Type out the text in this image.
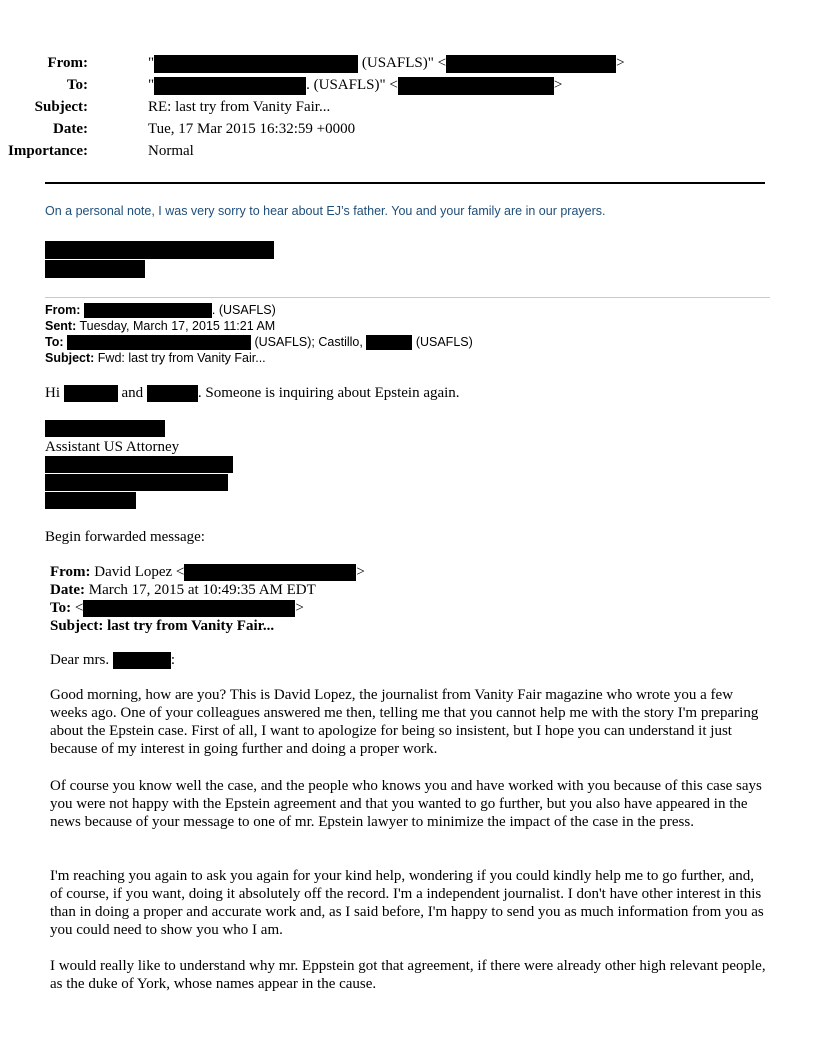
From:	"	(USAFLS)" <	>
To:	"	. (USAFLS)" <	>
Subject:	RE: last try from Vanity Fair...
Date:	Tue, 17 Mar 2015 16:32:59 +0000
Importance:	Normal
On a personal note, I was very sorry to hear about EJ’s father. You and your family are in our prayers.
From:	. (USAFLS)
Sent: Tuesday, March 17, 2015 11:21 AM
To:	(USAFLS); Castillo,	(USAFLS)
Subject: Fwd: last try from Vanity Fair...
Hi	and	. Someone is inquiring about Epstein again.
Assistant US Attorney
Begin forwarded message:
From: David Lopez <	>
Date: March 17, 2015 at 10:49:35 AM EDT
To: <	>
Subject: last try from Vanity Fair...
Dear mrs.	:
Good morning, how are you? This is David Lopez, the journalist from Vanity Fair magazine who wrote you a few weeks ago. One of your colleagues answered me then, telling me that you cannot help me with the story I'm preparing about the Epstein case. First of all, I want to apologize for being so insistent, but I hope you can understand it just because of my interest in going further and doing a proper work.
Of course you know well the case, and the people who knows you and have worked with you because of this case says you were not happy with the Epstein agreement and that you wanted to go further, but you also have appeared in the news because of your message to one of mr. Epstein lawyer to minimize the impact of the case in the press.
I'm reaching you again to ask you again for your kind help, wondering if you could kindly help me to go further, and, of course, if you want, doing it absolutely off the record. I'm a independent journalist. I don't have other interest in this than in doing a proper and accurate work and, as I said before, I'm happy to send you as much information from you as you could need to show you who I am.
I would really like to understand why mr. Eppstein got that agreement, if there were already other high relevant people, as the duke of York, whose names appear in the cause.
